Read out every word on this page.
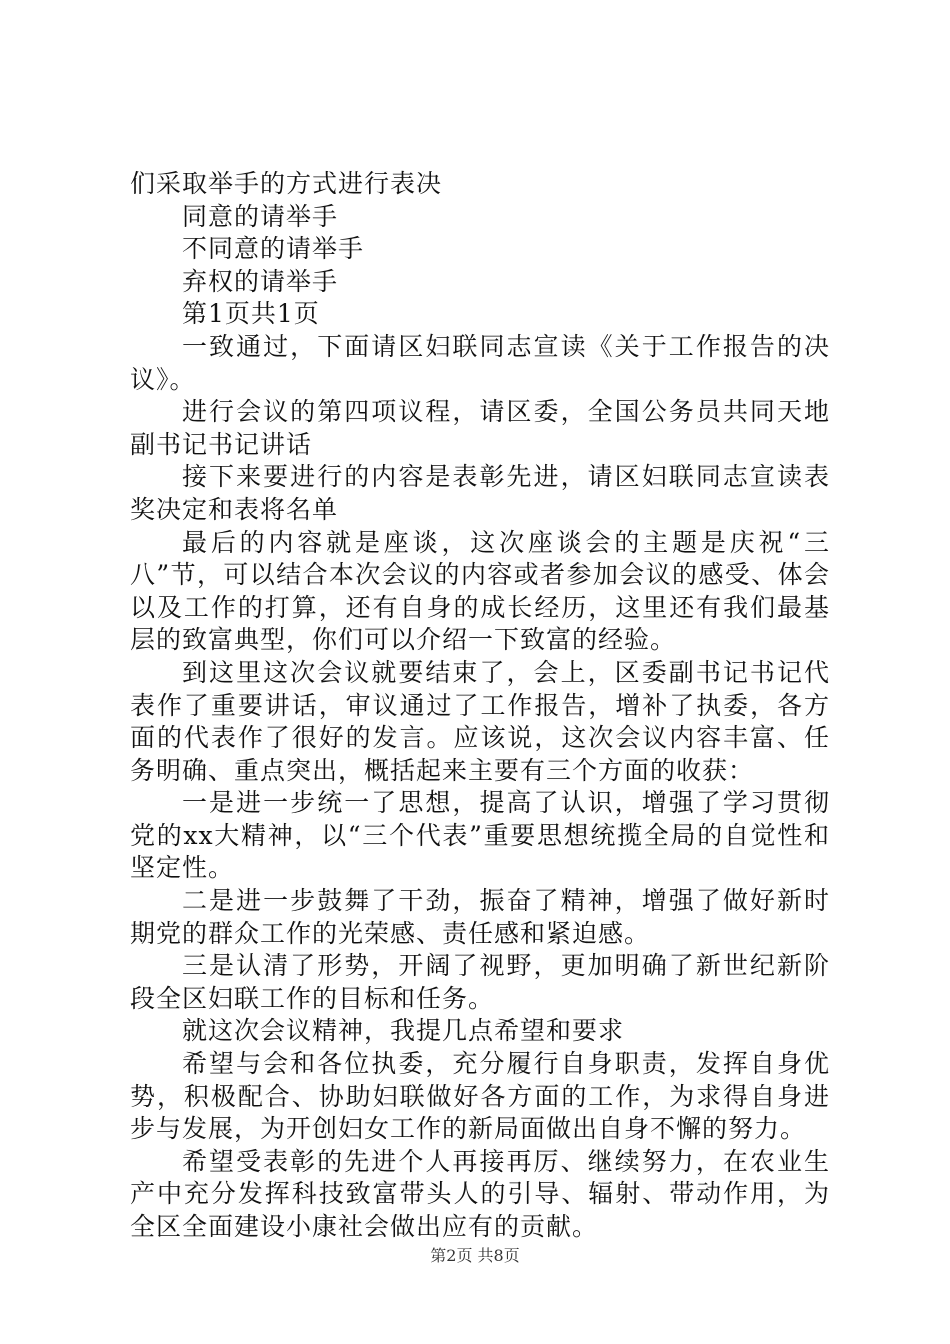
们采取举手的方式进行表决
同意的请举手
不同意的请举手
弃权的请举手
第1页共1页

一致通过，下面请区妇联同志宣读《关于工作报告的决议》。

进行会议的第四项议程，请区委，全国公务员共同天地副书记书记讲话

接下来要进行的内容是表彰先进，请区妇联同志宣读表奖决定和表将名单

最后的内容就是座谈，这次座谈会的主题是庆祝“三八”节，可以结合本次会议的内容或者参加会议的感受、体会以及工作的打算，还有自身的成长经历，这里还有我们最基层的致富典型，你们可以介绍一下致富的经验。

到这里这次会议就要结束了，会上，区委副书记书记代表作了重要讲话，审议通过了工作报告，增补了执委，各方面的代表作了很好的发言。应该说，这次会议内容丰富、任务明确、重点突出，概括起来主要有三个方面的收获：

一是进一步统一了思想，提高了认识，增强了学习贯彻党的xx大精神，以“三个代表”重要思想统揽全局的自觉性和坚定性。

二是进一步鼓舞了干劲，振奋了精神，增强了做好新时期党的群众工作的光荣感、责任感和紧迫感。

三是认清了形势，开阔了视野，更加明确了新世纪新阶段全区妇联工作的目标和任务。

就这次会议精神，我提几点希望和要求

希望与会和各位执委，充分履行自身职责，发挥自身优势，积极配合、协助妇联做好各方面的工作，为求得自身进步与发展，为开创妇女工作的新局面做出自身不懈的努力。

希望受表彰的先进个人再接再厉、继续努力，在农业生产中充分发挥科技致富带头人的引导、辐射、带动作用，为全区全面建设小康社会做出应有的贡献。

第2页 共8页
